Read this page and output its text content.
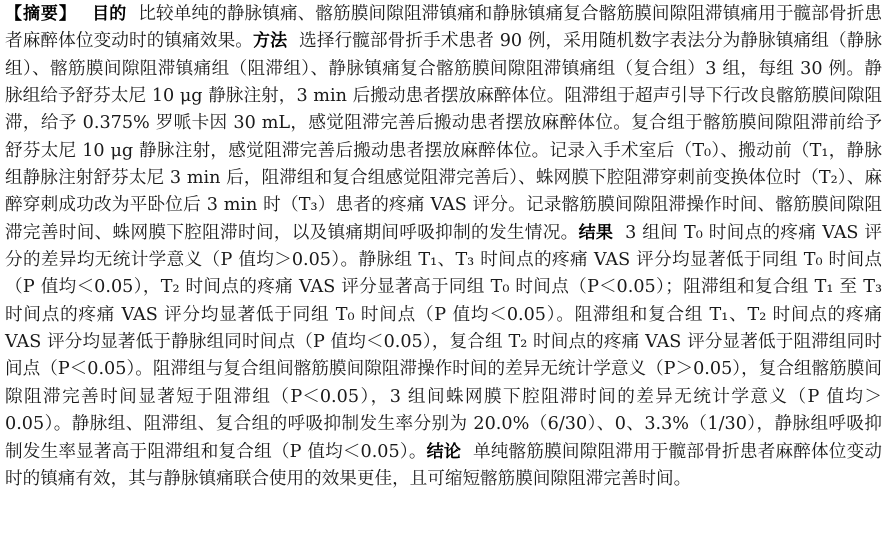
【摘要】 目的 比较单纯的静脉镇痛、髂筋膜间隙阻滞镇痛和静脉镇痛复合髂筋膜间隙阻滞镇痛用于髋部骨折患者麻醉体位变动时的镇痛效果。方法 选择行髋部骨折手术患者 90 例，采用随机数字表法分为静脉镇痛组（静脉组）、髂筋膜间隙阻滞镇痛组（阻滞组）、静脉镇痛复合髂筋膜间隙阻滞镇痛组（复合组）3 组，每组 30 例。静脉组给予舒芬太尼 10 μg 静脉注射，3 min 后搬动患者摆放麻醉体位。阻滞组于超声引导下行改良髂筋膜间隙阻滞，给予 0.375% 罗哌卡因 30 mL，感觉阻滞完善后搬动患者摆放麻醉体位。复合组于髂筋膜间隙阻滞前给予舒芬太尼 10 μg 静脉注射，感觉阻滞完善后搬动患者摆放麻醉体位。记录入手术室后（T₀）、搬动前（T₁，静脉组静脉注射舒芬太尼 3 min 后，阻滞组和复合组感觉阻滞完善后）、蛛网膜下腔阻滞穿刺前变换体位时（T₂）、麻醉穿刺成功改为平卧位后 3 min 时（T₃）患者的疼痛 VAS 评分。记录髂筋膜间隙阻滞操作时间、髂筋膜间隙阻滞完善时间、蛛网膜下腔阻滞时间，以及镇痛期间呼吸抑制的发生情况。结果 3 组间 T₀ 时间点的疼痛 VAS 评分的差异均无统计学意义（P 值均＞0.05）。静脉组 T₁、T₃ 时间点的疼痛 VAS 评分均显著低于同组 T₀ 时间点（P 值均＜0.05），T₂ 时间点的疼痛 VAS 评分显著高于同组 T₀ 时间点（P＜0.05）；阻滞组和复合组 T₁ 至 T₃ 时间点的疼痛 VAS 评分均显著低于同组 T₀ 时间点（P 值均＜0.05）。阻滞组和复合组 T₁、T₂ 时间点的疼痛 VAS 评分均显著低于静脉组同时间点（P 值均＜0.05），复合组 T₂ 时间点的疼痛 VAS 评分显著低于阻滞组同时间点（P＜0.05）。阻滞组与复合组间髂筋膜间隙阻滞操作时间的差异无统计学意义（P＞0.05），复合组髂筋膜间隙阻滞完善时间显著短于阻滞组（P＜0.05），3 组间蛛网膜下腔阻滞时间的差异无统计学意义（P 值均＞0.05）。静脉组、阻滞组、复合组的呼吸抑制发生率分别为 20.0%（6/30）、0、3.3%（1/30），静脉组呼吸抑制发生率显著高于阻滞组和复合组（P 值均＜0.05）。结论 单纯髂筋膜间隙阻滞用于髋部骨折患者麻醉体位变动时的镇痛有效，其与静脉镇痛联合使用的效果更佳，且可缩短髂筋膜间隙阻滞完善时间。
